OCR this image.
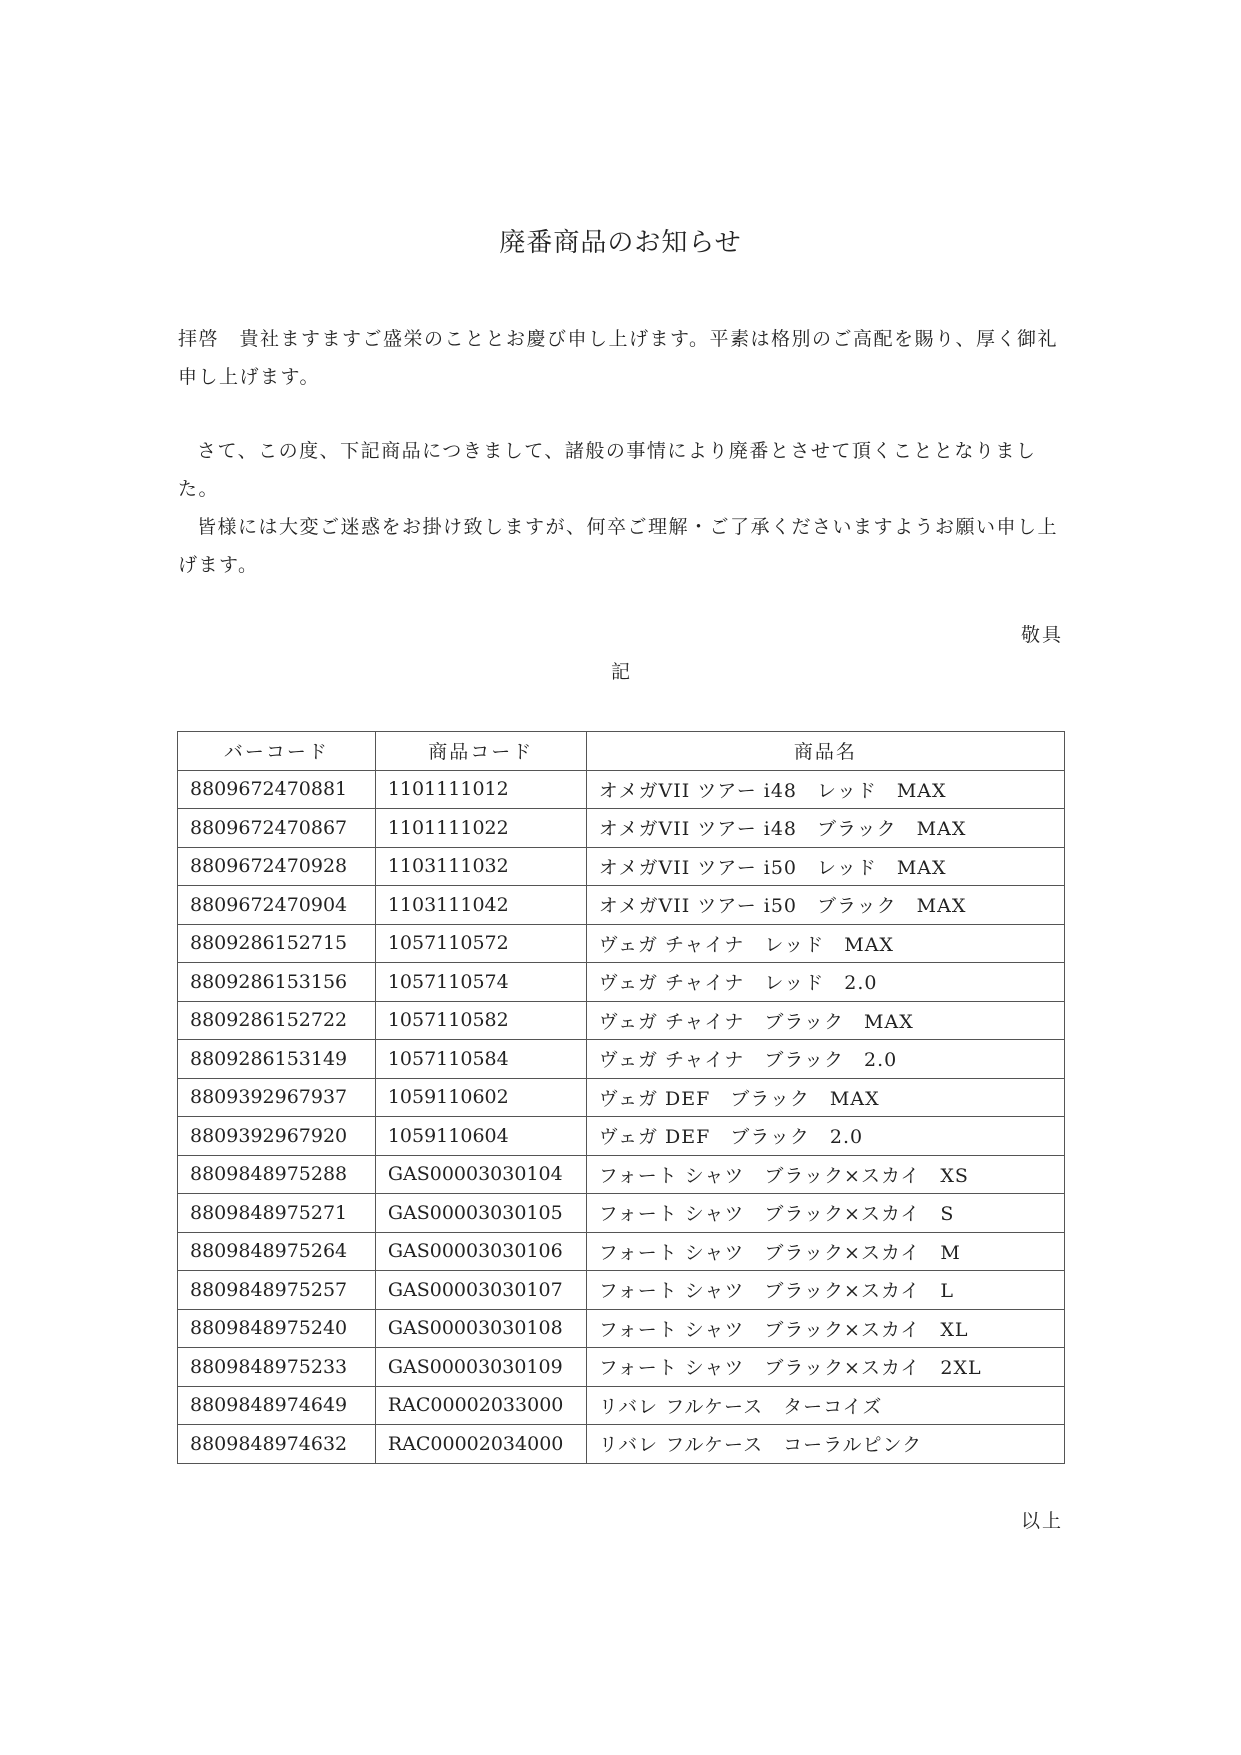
廃番商品のお知らせ
拝啓　貴社ますますご盛栄のこととお慶び申し上げます。平素は格別のご高配を賜り、厚く御礼申し上げます。
さて、この度、下記商品につきまして、諸般の事情により廃番とさせて頂くこととなりました。
皆様には大変ご迷惑をお掛け致しますが、何卒ご理解・ご了承くださいますようお願い申し上げます。
敬具
記
バーコード	商品コード	商品名
8809672470881	1101111012	オメガVII ツアー i48　レッド　MAX
8809672470867	1101111022	オメガVII ツアー i48　ブラック　MAX
8809672470928	1103111032	オメガVII ツアー i50　レッド　MAX
8809672470904	1103111042	オメガVII ツアー i50　ブラック　MAX
8809286152715	1057110572	ヴェガ チャイナ　レッド　MAX
8809286153156	1057110574	ヴェガ チャイナ　レッド　2.0
8809286152722	1057110582	ヴェガ チャイナ　ブラック　MAX
8809286153149	1057110584	ヴェガ チャイナ　ブラック　2.0
8809392967937	1059110602	ヴェガ DEF　ブラック　MAX
8809392967920	1059110604	ヴェガ DEF　ブラック　2.0
8809848975288	GAS00003030104	フォート シャツ　ブラック×スカイ　XS
8809848975271	GAS00003030105	フォート シャツ　ブラック×スカイ　S
8809848975264	GAS00003030106	フォート シャツ　ブラック×スカイ　M
8809848975257	GAS00003030107	フォート シャツ　ブラック×スカイ　L
8809848975240	GAS00003030108	フォート シャツ　ブラック×スカイ　XL
8809848975233	GAS00003030109	フォート シャツ　ブラック×スカイ　2XL
8809848974649	RAC00002033000	リバレ フルケース　ターコイズ
8809848974632	RAC00002034000	リバレ フルケース　コーラルピンク
以上
